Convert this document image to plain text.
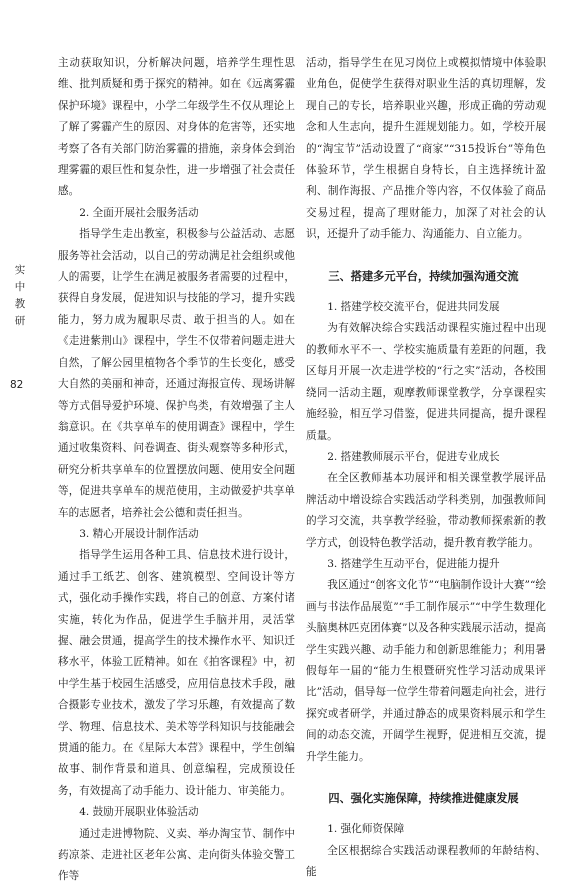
实
中
教
研
82

主动获取知识，分析解决问题，培养学生理性思维、批判质疑和勇于探究的精神。如在《远离雾霾 保护环境》课程中，小学二年级学生不仅从理论上了解了雾霾产生的原因、对身体的危害等，还实地考察了各有关部门防治雾霾的措施，亲身体会到治理雾霾的艰巨性和复杂性，进一步增强了社会责任感。

2. 全面开展社会服务活动

指导学生走出教室，积极参与公益活动、志愿服务等社会活动，以自己的劳动满足社会组织或他人的需要，让学生在满足被服务者需要的过程中，获得自身发展，促进知识与技能的学习，提升实践能力，努力成为履职尽责、敢于担当的人。如在《走进紫荆山》课程中，学生不仅带着问题走进大自然，了解公园里植物各个季节的生长变化，感受大自然的美丽和神奇，还通过海报宣传、现场讲解等方式倡导爱护环境、保护鸟类，有效增强了主人翁意识。在《共享单车的使用调查》课程中，学生通过收集资料、问卷调查、街头观察等多种形式，研究分析共享单车的位置摆放问题、使用安全问题等，促进共享单车的规范使用，主动做爱护共享单车的志愿者，培养社会公德和责任担当。

3. 精心开展设计制作活动

指导学生运用各种工具、信息技术进行设计，通过手工纸艺、创客、建筑模型、空间设计等方式，强化动手操作实践，将自己的创意、方案付诸实施，转化为作品，促进学生手脑并用，灵活掌握、融会贯通，提高学生的技术操作水平、知识迁移水平，体验工匠精神。如在《拍客课程》中，初中学生基于校园生活感受，应用信息技术手段，融合摄影专业技术，激发了学习乐趣，有效提高了数学、物理、信息技术、美术等学科知识与技能融会贯通的能力。在《星际大本营》课程中，学生创编故事、制作背景和道具、创意编程，完成预设任务，有效提高了动手能力、设计能力、审美能力。

4. 鼓励开展职业体验活动

通过走进博物院、义卖、举办淘宝节、制作中药凉茶、走进社区老年公寓、走向街头体验交警工作等

活动，指导学生在见习岗位上或模拟情境中体验职业角色，促使学生获得对职业生活的真切理解，发现自己的专长，培养职业兴趣，形成正确的劳动观念和人生志向，提升生涯规划能力。如，学校开展的“淘宝节”活动设置了“商家”“315投诉台”等角色体验环节，学生根据自身特长，自主选择统计盈利、制作海报、产品推介等内容，不仅体验了商品交易过程，提高了理财能力，加深了对社会的认识，还提升了动手能力、沟通能力、自立能力。

三、搭建多元平台，持续加强沟通交流
1. 搭建学校交流平台，促进共同发展

为有效解决综合实践活动课程实施过程中出现的教师水平不一、学校实施质量有差距的问题，我区每月开展一次走进学校的“行之实”活动，各校围绕同一活动主题，观摩教师课堂教学，分享课程实施经验，相互学习借鉴，促进共同提高，提升课程质量。

2. 搭建教师展示平台，促进专业成长

在全区教师基本功展评和相关课堂教学展评品牌活动中增设综合实践活动学科类别，加强教师间的学习交流，共享教学经验，带动教师探索新的教学方式，创设特色教学活动，提升教育教学能力。

3. 搭建学生互动平台，促进能力提升

我区通过“创客文化节”“电脑制作设计大赛”“绘画与书法作品展览”“手工制作展示”“中学生数理化头脑奥林匹克团体赛”以及各种实践展示活动，提高学生实践兴趣、动手能力和创新思维能力；利用暑假每年一届的“能力生根暨研究性学习活动成果评比”活动，倡导每一位学生带着问题走向社会，进行探究或者研学，并通过静态的成果资料展示和学生间的动态交流，开阔学生视野，促进相互交流，提升学生能力。

四、强化实施保障，持续推进健康发展
1. 强化师资保障

全区根据综合实践活动课程教师的年龄结构、能
